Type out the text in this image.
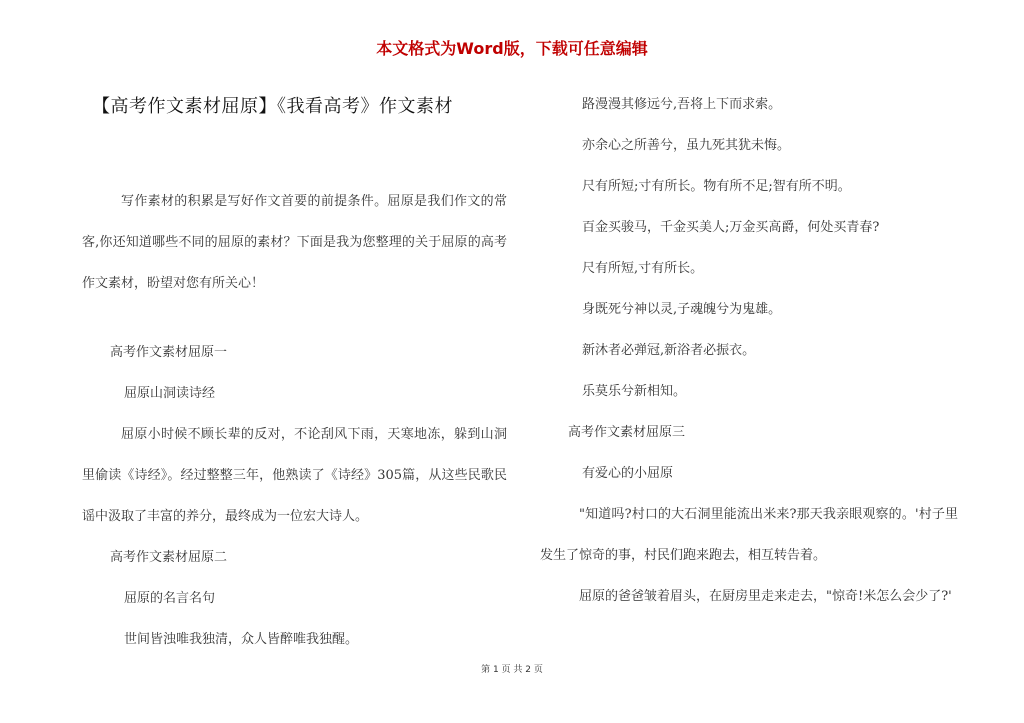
本文格式为Word版，下载可任意编辑
【高考作文素材屈原】《我看高考》作文素材
写作素材的积累是写好作文首要的前提条件。屈原是我们作文的常客,你还知道哪些不同的屈原的素材？下面是我为您整理的关于屈原的高考作文素材，盼望对您有所关心！
高考作文素材屈原一
屈原山洞读诗经
屈原小时候不顾长辈的反对，不论刮风下雨，天寒地冻，躲到山洞里偷读《诗经》。经过整整三年，他熟读了《诗经》305篇，从这些民歌民谣中汲取了丰富的养分，最终成为一位宏大诗人。
高考作文素材屈原二
屈原的名言名句
世间皆浊唯我独清，众人皆醉唯我独醒。
路漫漫其修远兮,吾将上下而求索。
亦余心之所善兮，虽九死其犹未悔。
尺有所短;寸有所长。物有所不足;智有所不明。
百金买骏马，千金买美人;万金买高爵，何处买青春?
尺有所短,寸有所长。
身既死兮神以灵,子魂魄兮为鬼雄。
新沐者必弹冠,新浴者必振衣。
乐莫乐兮新相知。
高考作文素材屈原三
有爱心的小屈原
"知道吗?村口的大石洞里能流出米来?那天我亲眼观察的。'村子里发生了惊奇的事，村民们跑来跑去，相互转告着。
屈原的爸爸皱着眉头，在厨房里走来走去，"惊奇!米怎么会少了?'
第 1 页 共 2 页
